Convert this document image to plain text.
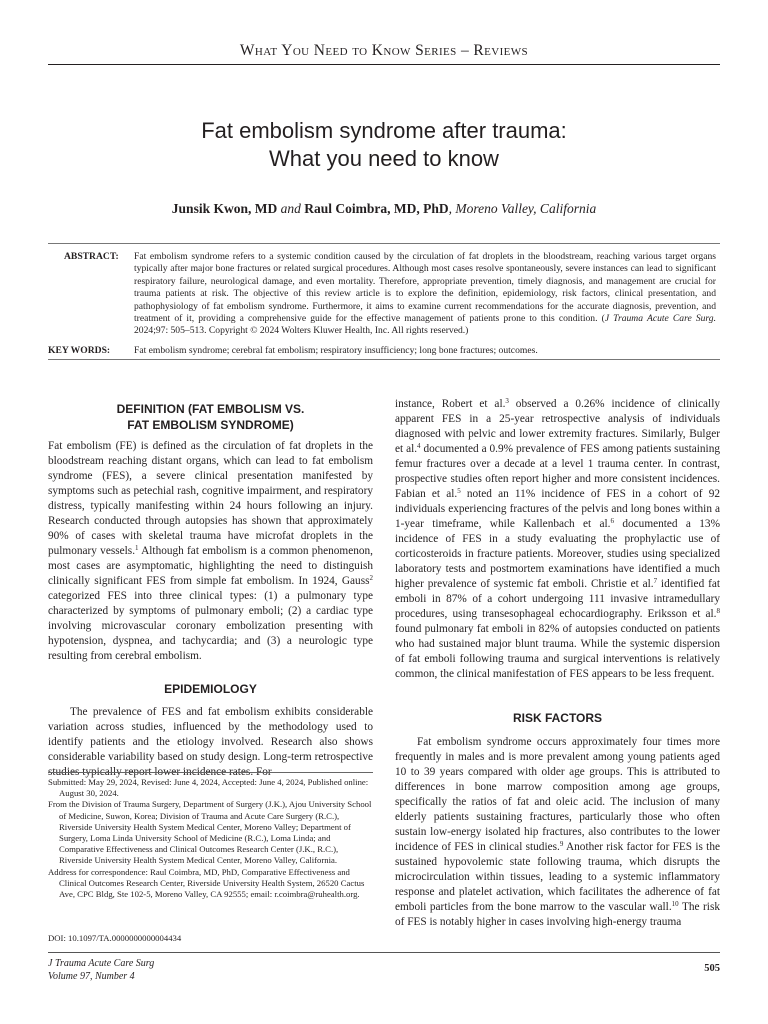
What You Need to Know Series – Reviews
Fat embolism syndrome after trauma:
What you need to know
Junsik Kwon, MD and Raul Coimbra, MD, PhD, Moreno Valley, California
ABSTRACT: Fat embolism syndrome refers to a systemic condition caused by the circulation of fat droplets in the bloodstream, reaching various target organs typically after major bone fractures or related surgical procedures. Although most cases resolve spontaneously, severe instances can lead to significant respiratory failure, neurological damage, and even mortality. Therefore, appropriate prevention, timely diagnosis, and management are crucial for trauma patients at risk. The objective of this review article is to explore the definition, epidemiology, risk factors, clinical presentation, and pathophysiology of fat embolism syndrome. Furthermore, it aims to examine current recommendations for the accurate diagnosis, prevention, and treatment of it, providing a comprehensive guide for the effective management of patients prone to this condition. (J Trauma Acute Care Surg. 2024;97: 505–513. Copyright © 2024 Wolters Kluwer Health, Inc. All rights reserved.)
KEY WORDS: Fat embolism syndrome; cerebral fat embolism; respiratory insufficiency; long bone fractures; outcomes.
DEFINITION (FAT EMBOLISM VS.
FAT EMBOLISM SYNDROME)

Fat embolism (FE) is defined as the circulation of fat droplets in the bloodstream reaching distant organs, which can lead to fat embolism syndrome (FES), a severe clinical presentation manifested by symptoms such as petechial rash, cognitive impairment, and respiratory distress, typically manifesting within 24 hours following an injury. Research conducted through autopsies has shown that approximately 90% of cases with skeletal trauma have microfat droplets in the pulmonary vessels.$^1$ Although fat embolism is a common phenomenon, most cases are asymptomatic, highlighting the need to distinguish clinically significant FES from simple fat embolism. In 1924, Gauss$^2$ categorized FES into three clinical types: (1) a pulmonary type characterized by symptoms of pulmonary emboli; (2) a cardiac type involving microvascular coronary embolization presenting with hypotension, dyspnea, and tachycardia; and (3) a neurologic type resulting from cerebral embolism.

EPIDEMIOLOGY

The prevalence of FES and fat embolism exhibits considerable variation across studies, influenced by the methodology used to identify patients and the etiology involved. Research also shows considerable variability based on study design. Long-term retrospective studies typically report lower incidence rates. For

Submitted: May 29, 2024, Revised: June 4, 2024, Accepted: June 4, 2024, Published online: August 30, 2024.

From the Division of Trauma Surgery, Department of Surgery (J.K.), Ajou University School of Medicine, Suwon, Korea; Division of Trauma and Acute Care Surgery (R.C.), Riverside University Health System Medical Center, Moreno Valley; Department of Surgery, Loma Linda University School of Medicine (R.C.), Loma Linda; and Comparative Effectiveness and Clinical Outcomes Research Center (J.K., R.C.), Riverside University Health System Medical Center, Moreno Valley, California.

Address for correspondence: Raul Coimbra, MD, PhD, Comparative Effectiveness and Clinical Outcomes Research Center, Riverside University Health System, 26520 Cactus Ave, CPC Bldg, Ste 102-5, Moreno Valley, CA 92555; email: r.coimbra@ruhealth.org.

DOI: 10.1097/TA.0000000000004434

instance, Robert et al.$^3$ observed a 0.26% incidence of clinically apparent FES in a 25-year retrospective analysis of individuals diagnosed with pelvic and lower extremity fractures. Similarly, Bulger et al.$^4$ documented a 0.9% prevalence of FES among patients sustaining femur fractures over a decade at a level 1 trauma center. In contrast, prospective studies often report higher and more consistent incidences. Fabian et al.$^5$ noted an 11% incidence of FES in a cohort of 92 individuals experiencing fractures of the pelvis and long bones within a 1-year timeframe, while Kallenbach et al.$^6$ documented a 13% incidence of FES in a study evaluating the prophylactic use of corticosteroids in fracture patients. Moreover, studies using specialized laboratory tests and postmortem examinations have identified a much higher prevalence of systemic fat emboli. Christie et al.$^7$ identified fat emboli in 87% of a cohort undergoing 111 invasive intramedullary procedures, using transesophageal echocardiography. Eriksson et al.$^8$ found pulmonary fat emboli in 82% of autopsies conducted on patients who had sustained major blunt trauma. While the systemic dispersion of fat emboli following trauma and surgical interventions is relatively common, the clinical manifestation of FES appears to be less frequent.

RISK FACTORS

Fat embolism syndrome occurs approximately four times more frequently in males and is more prevalent among young patients aged 10 to 39 years compared with older age groups. This is attributed to differences in bone marrow composition among age groups, specifically the ratios of fat and oleic acid. The inclusion of many elderly patients sustaining fractures, particularly those who often sustain low-energy isolated hip fractures, also contributes to the lower incidence of FES in clinical studies.$^9$ Another risk factor for FES is the sustained hypovolemic state following trauma, which disrupts the microcirculation within tissues, leading to a systemic inflammatory response and platelet activation, which facilitates the adherence of fat emboli particles from the bone marrow to the vascular wall.$^{10}$ The risk of FES is notably higher in cases involving high-energy trauma

J Trauma Acute Care Surg
Volume 97, Number 4
505
